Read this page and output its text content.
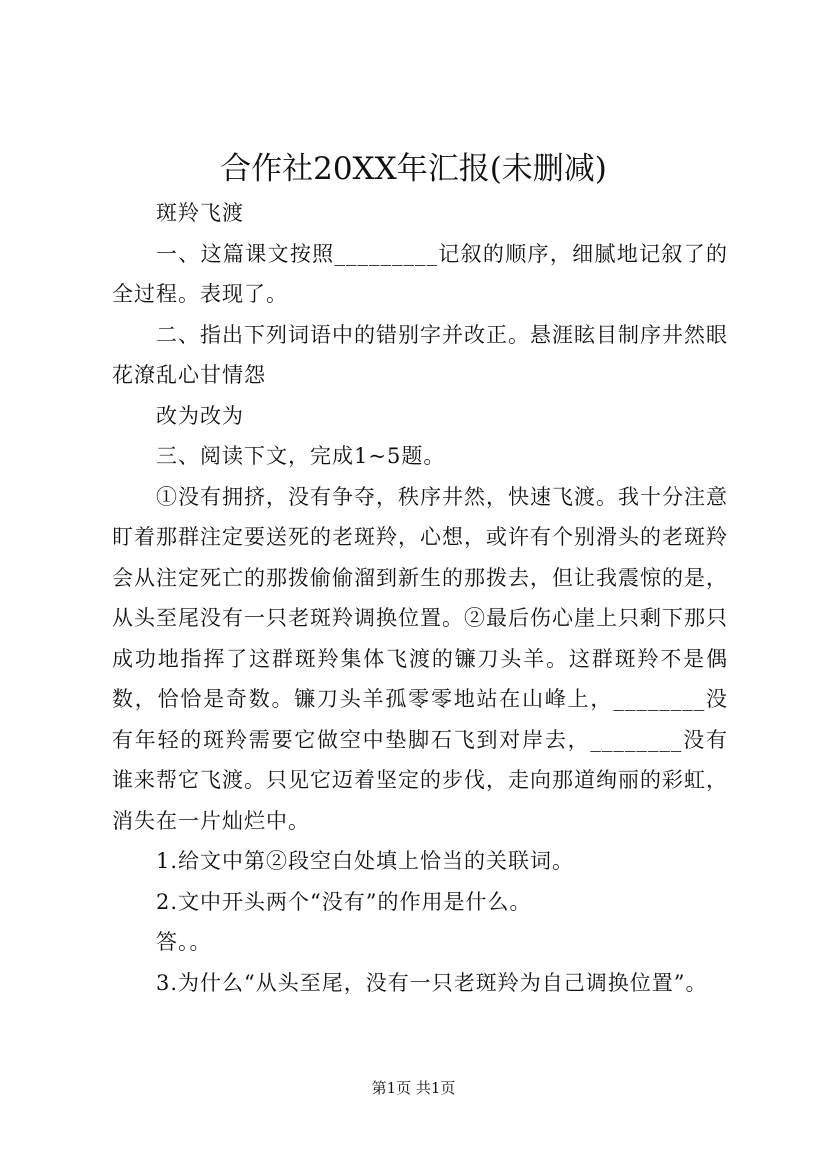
合作社20XX年汇报(未删减)

斑羚飞渡

一、这篇课文按照_________记叙的顺序，细腻地记叙了的全过程。表现了。

二、指出下列词语中的错别字并改正。悬涯眩目制序井然眼花潦乱心甘情怨

改为改为

三、阅读下文，完成1~5题。

①没有拥挤，没有争夺，秩序井然，快速飞渡。我十分注意盯着那群注定要送死的老斑羚，心想，或许有个别滑头的老斑羚会从注定死亡的那拨偷偷溜到新生的那拨去，但让我震惊的是，从头至尾没有一只老斑羚调换位置。②最后伤心崖上只剩下那只成功地指挥了这群斑羚集体飞渡的镰刀头羊。这群斑羚不是偶数，恰恰是奇数。镰刀头羊孤零零地站在山峰上，________没有年轻的斑羚需要它做空中垫脚石飞到对岸去，________没有谁来帮它飞渡。只见它迈着坚定的步伐，走向那道绚丽的彩虹，消失在一片灿烂中。

1.给文中第②段空白处填上恰当的关联词。

2.文中开头两个“没有”的作用是什么。

答。。

3.为什么“从头至尾，没有一只老斑羚为自己调换位置”。

第1页 共1页
